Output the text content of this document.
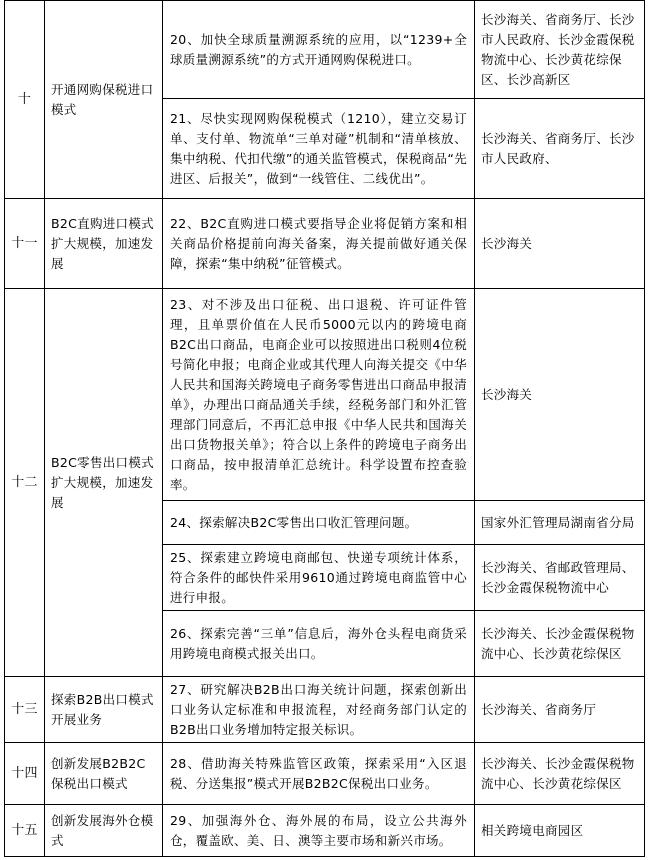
十	开通网购保税进口模式	20、加快全球质量溯源系统的应用，以“1239+全球质量溯源系统”的方式开通网购保税进口。	长沙海关、省商务厅、长沙市人民政府、长沙金霞保税物流中心、长沙黄花综保区、长沙高新区
		21、尽快实现网购保税模式（1210），建立交易订单、支付单、物流单“三单对碰”机制和“清单核放、集中纳税、代扣代缴”的通关监管模式，保税商品“先进区、后报关”，做到“一线管住、二线优出”。	长沙海关、省商务厅、长沙市人民政府、
十一	B2C直购进口模式扩大规模，加速发展	22、B2C直购进口模式要指导企业将促销方案和相关商品价格提前向海关备案，海关提前做好通关保障，探索“集中纳税”征管模式。	长沙海关
十二	B2C零售出口模式扩大规模，加速发展	23、对不涉及出口征税、出口退税、许可证件管理，且单票价值在人民币5000元以内的跨境电商B2C出口商品，电商企业可以按照进出口税则4位税号简化申报；电商企业或其代理人向海关提交《中华人民共和国海关跨境电子商务零售进出口商品申报清单》，办理出口商品通关手续，经税务部门和外汇管理部门同意后，不再汇总申报《中华人民共和国海关出口货物报关单》；符合以上条件的跨境电子商务出口商品，按申报清单汇总统计。科学设置布控查验率。	长沙海关
		24、探索解决B2C零售出口收汇管理问题。	国家外汇管理局湖南省分局
		25、探索建立跨境电商邮包、快递专项统计体系，符合条件的邮快件采用9610通过跨境电商监管中心进行申报。	长沙海关、省邮政管理局、长沙金霞保税物流中心
		26、探索完善“三单”信息后，海外仓头程电商货采用跨境电商模式报关出口。	长沙海关、长沙金霞保税物流中心、长沙黄花综保区
十三	探索B2B出口模式开展业务	27、研究解决B2B出口海关统计问题，探索创新出口业务认定标准和申报流程，对经商务部门认定的B2B出口业务增加特定报关标识。	长沙海关、省商务厅
十四	创新发展B2B2C保税出口模式	28、借助海关特殊监管区政策，探索采用“入区退税、分送集报”模式开展B2B2C保税出口业务。	长沙海关、长沙金霞保税物流中心、长沙黄花综保区
十五	创新发展海外仓模式	29、加强海外仓、海外展的布局，设立公共海外仓，覆盖欧、美、日、澳等主要市场和新兴市场。	相关跨境电商园区
